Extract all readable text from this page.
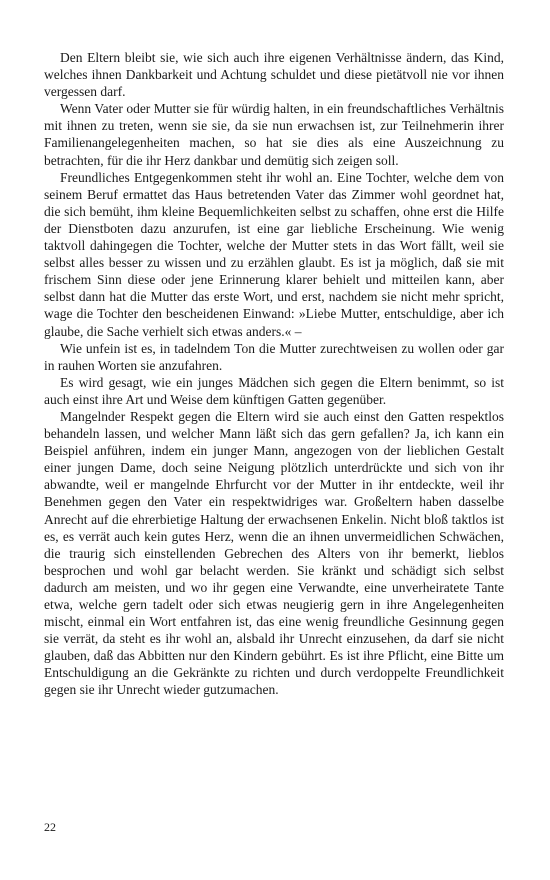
Den Eltern bleibt sie, wie sich auch ihre eigenen Verhältnisse ändern, das Kind, welches ihnen Dankbarkeit und Achtung schuldet und diese pietätvoll nie vor ihnen vergessen darf.

Wenn Vater oder Mutter sie für würdig halten, in ein freundschaftliches Verhältnis mit ihnen zu treten, wenn sie sie, da sie nun erwachsen ist, zur Teilnehmerin ihrer Familienangelegenheiten machen, so hat sie dies als eine Auszeichnung zu betrachten, für die ihr Herz dankbar und demütig sich zeigen soll.

Freundliches Entgegenkommen steht ihr wohl an. Eine Tochter, welche dem von seinem Beruf ermattet das Haus betretenden Vater das Zimmer wohl geordnet hat, die sich bemüht, ihm kleine Bequemlichkeiten selbst zu schaffen, ohne erst die Hilfe der Dienstboten dazu anzurufen, ist eine gar liebliche Erscheinung. Wie wenig taktvoll dahingegen die Tochter, welche der Mutter stets in das Wort fällt, weil sie selbst alles besser zu wissen und zu erzählen glaubt. Es ist ja möglich, daß sie mit frischem Sinn diese oder jene Erinnerung klarer behielt und mitteilen kann, aber selbst dann hat die Mutter das erste Wort, und erst, nachdem sie nicht mehr spricht, wage die Tochter den bescheidenen Einwand: »Liebe Mutter, entschuldige, aber ich glaube, die Sache verhielt sich etwas anders.« –

Wie unfein ist es, in tadelndem Ton die Mutter zurechtweisen zu wollen oder gar in rauhen Worten sie anzufahren.

Es wird gesagt, wie ein junges Mädchen sich gegen die Eltern benimmt, so ist auch einst ihre Art und Weise dem künftigen Gatten gegenüber.

Mangelnder Respekt gegen die Eltern wird sie auch einst den Gatten respektlos behandeln lassen, und welcher Mann läßt sich das gern gefallen? Ja, ich kann ein Beispiel anführen, indem ein junger Mann, angezogen von der lieblichen Gestalt einer jungen Dame, doch seine Neigung plötzlich unterdrückte und sich von ihr abwandte, weil er mangelnde Ehrfurcht vor der Mutter in ihr entdeckte, weil ihr Benehmen gegen den Vater ein respektwidriges war. Großeltern haben dasselbe Anrecht auf die ehrerbietige Haltung der erwachsenen Enkelin. Nicht bloß taktlos ist es, es verrät auch kein gutes Herz, wenn die an ihnen unvermeidlichen Schwächen, die traurig sich einstellenden Gebrechen des Alters von ihr bemerkt, lieblos besprochen und wohl gar belacht werden. Sie kränkt und schädigt sich selbst dadurch am meisten, und wo ihr gegen eine Verwandte, eine unverheiratete Tante etwa, welche gern tadelt oder sich etwas neugierig gern in ihre Angelegenheiten mischt, einmal ein Wort entfahren ist, das eine wenig freundliche Gesinnung gegen sie verrät, da steht es ihr wohl an, alsbald ihr Unrecht einzusehen, da darf sie nicht glauben, daß das Abbitten nur den Kindern gebührt. Es ist ihre Pflicht, eine Bitte um Entschuldigung an die Gekränkte zu richten und durch verdoppelte Freundlichkeit gegen sie ihr Unrecht wieder gutzumachen.

22
